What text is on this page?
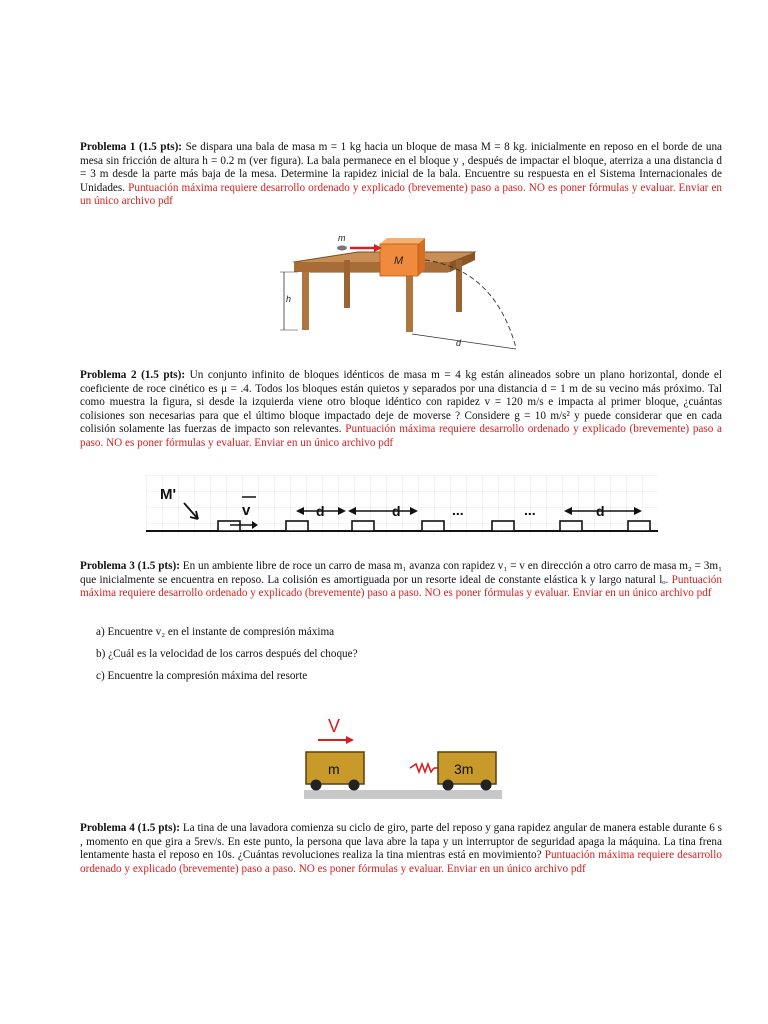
Problema 1 (1.5 pts): Se dispara una bala de masa m = 1 kg hacia un bloque de masa M = 8 kg. inicialmente en reposo en el borde de una mesa sin fricción de altura h = 0.2 m (ver figura). La bala permanece en el bloque y , después de impactar el bloque, aterriza a una distancia d = 3 m desde la parte más baja de la mesa. Determine la rapidez inicial de la bala. Encuentre su respuesta en el Sistema Internacionales de Unidades. Puntuación máxima requiere desarrollo ordenado y explicado (brevemente) paso a paso. NO es poner fórmulas y evaluar. Enviar en un único archivo pdf
M
m
h
d
Problema 2 (1.5 pts): Un conjunto infinito de bloques idénticos de masa m = 4 kg están alineados sobre un plano horizontal, donde el coeficiente de roce cinético es μ = .4. Todos los bloques están quietos y separados por una distancia d = 1 m de su vecino más próximo. Tal como muestra la figura, si desde la izquierda viene otro bloque idéntico con rapidez v = 120 m/s e impacta al primer bloque, ¿cuántas colisiones son necesarias para que el último bloque impactado deje de moverse ? Considere g = 10 m/s² y puede considerar que en cada colisión solamente las fuerzas de impacto son relevantes. Puntuación máxima requiere desarrollo ordenado y explicado (brevemente) paso a paso. NO es poner fórmulas y evaluar. Enviar en un único archivo pdf
M'
v	d	d	...	...	d
Problema 3 (1.5 pts): En un ambiente libre de roce un carro de masa m₁ avanza con rapidez v₁ = v en dirección a otro carro de masa m₂ = 3m₁ que inicialmente se encuentra en reposo. La colisión es amortiguada por un resorte ideal de constante elástica k y largo natural lₒ. Puntuación máxima requiere desarrollo ordenado y explicado (brevemente) paso a paso. NO es poner fórmulas y evaluar. Enviar en un único archivo pdf
a) Encuentre v₂ en el instante de compresión máxima
b) ¿Cuál es la velocidad de los carros después del choque?
c) Encuentre la compresión máxima del resorte
V
m	3m
Problema 4 (1.5 pts): La tina de una lavadora comienza su ciclo de giro, parte del reposo y gana rapidez angular de manera estable durante 6 s , momento en que gira a 5rev/s. En este punto, la persona que lava abre la tapa y un interruptor de seguridad apaga la máquina. La tina frena lentamente hasta el reposo en 10s. ¿Cuántas revoluciones realiza la tina mientras está en movimiento? Puntuación máxima requiere desarrollo ordenado y explicado (brevemente) paso a paso. NO es poner fórmulas y evaluar. Enviar en un único archivo pdf
